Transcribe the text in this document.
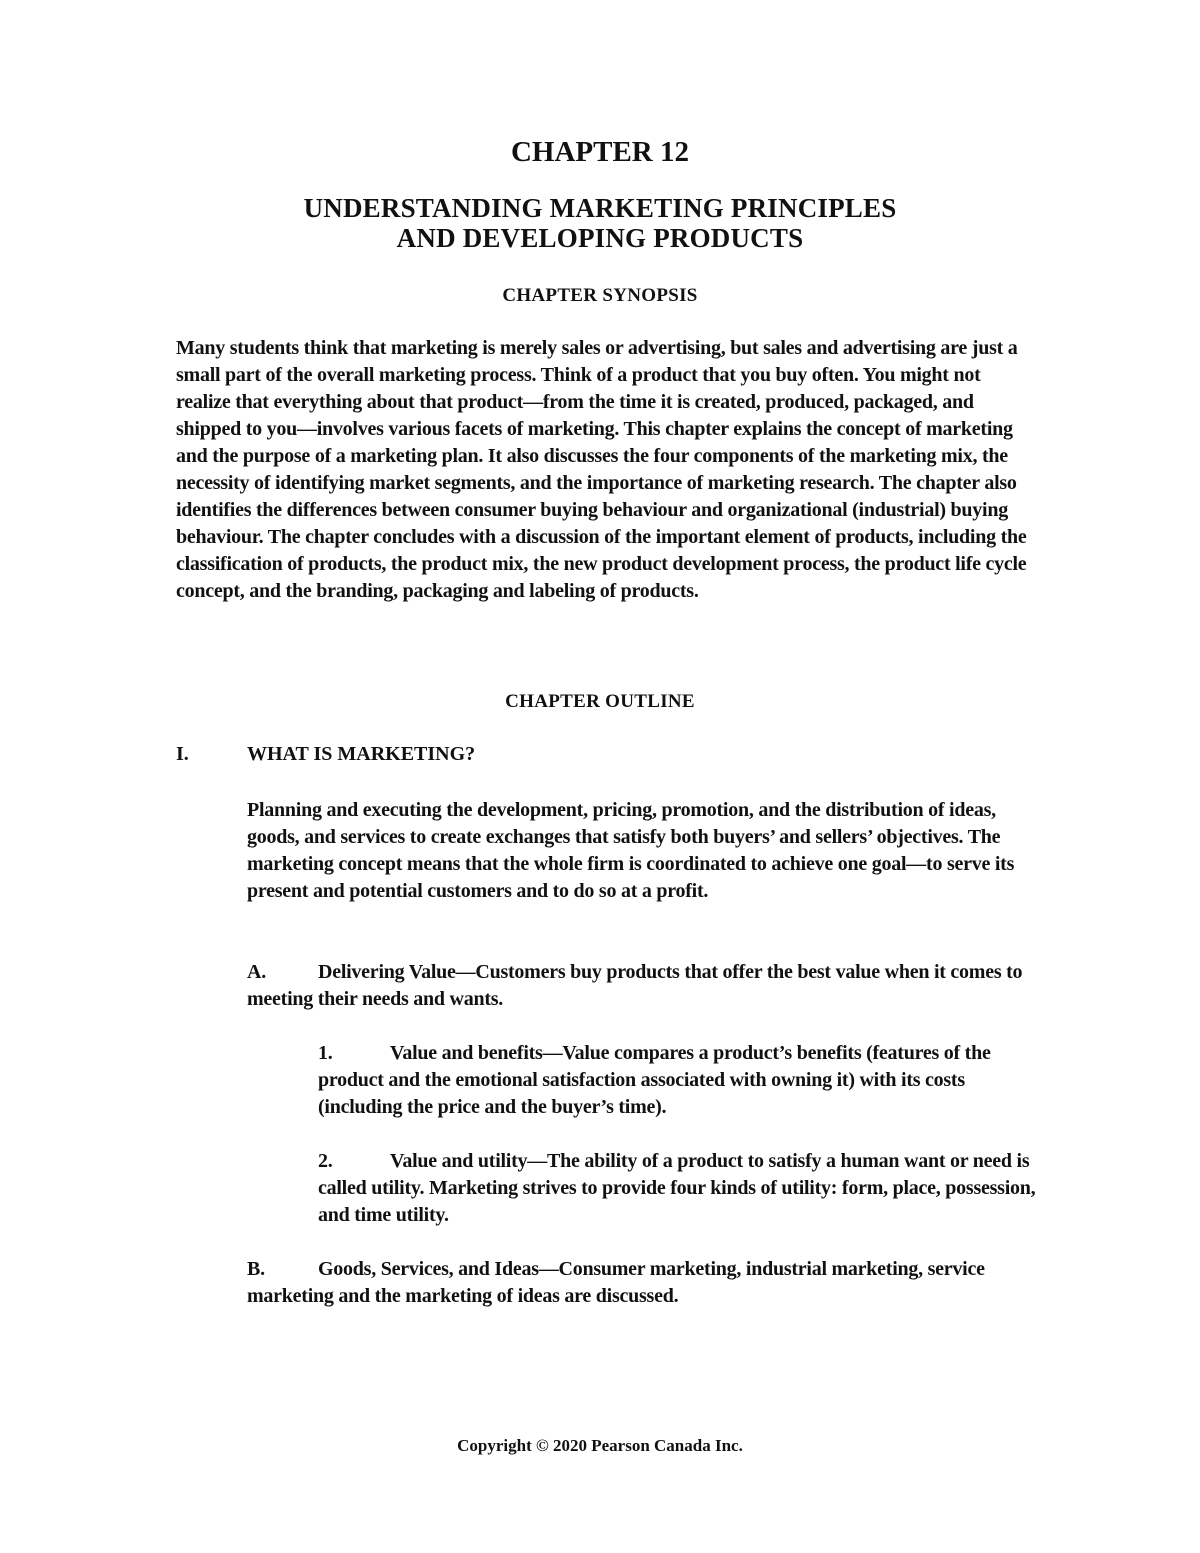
CHAPTER 12
UNDERSTANDING MARKETING PRINCIPLES
AND DEVELOPING PRODUCTS
CHAPTER SYNOPSIS

Many students think that marketing is merely sales or advertising, but sales and advertising are just a small part of the overall marketing process. Think of a product that you buy often. You might not realize that everything about that product—from the time it is created, produced, packaged, and shipped to you—involves various facets of marketing. This chapter explains the concept of marketing and the purpose of a marketing plan. It also discusses the four components of the marketing mix, the necessity of identifying market segments, and the importance of marketing research. The chapter also identifies the differences between consumer buying behaviour and organizational (industrial) buying behaviour. The chapter concludes with a discussion of the important element of products, including the classification of products, the product mix, the new product development process, the product life cycle concept, and the branding, packaging and labeling of products.

CHAPTER OUTLINE
I.	WHAT IS MARKETING?

Planning and executing the development, pricing, promotion, and the distribution of ideas, goods, and services to create exchanges that satisfy both buyers’ and sellers’ objectives. The marketing concept means that the whole firm is coordinated to achieve one goal—to serve its present and potential customers and to do so at a profit.

A.	Delivering Value—Customers buy products that offer the best value when it comes to meeting their needs and wants.

1.	Value and benefits—Value compares a product’s benefits (features of the product and the emotional satisfaction associated with owning it) with its costs (including the price and the buyer’s time).

2.	Value and utility—The ability of a product to satisfy a human want or need is called utility. Marketing strives to provide four kinds of utility: form, place, possession, and time utility.

B.	Goods, Services, and Ideas—Consumer marketing, industrial marketing, service marketing and the marketing of ideas are discussed.

Copyright © 2020 Pearson Canada Inc.
